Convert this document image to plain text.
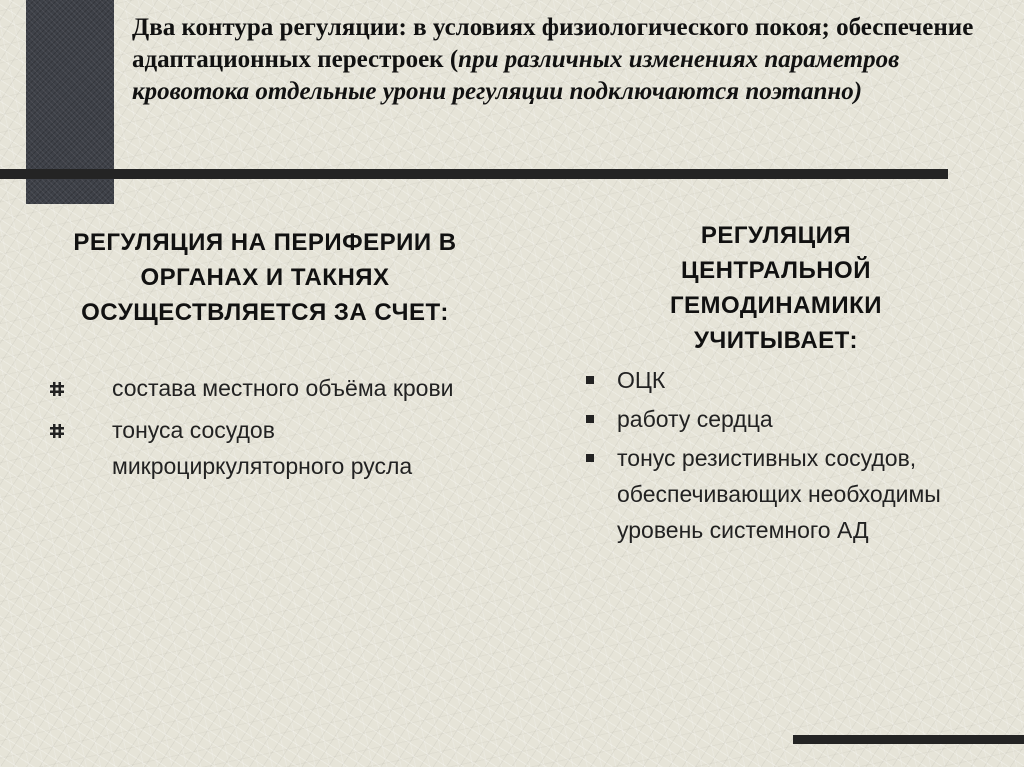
Два контура регуляции: в условиях физиологического покоя; обеспечение адаптационных перестроек (при различных изменениях параметров кровотока отдельные урони регуляции подключаются поэтапно)
РЕГУЛЯЦИЯ НА ПЕРИФЕРИИ В ОРГАНАХ И ТАКНЯХ ОСУЩЕСТВЛЯЕТСЯ ЗА СЧЕТ:
состава местного объёма крови
тонуса сосудов микроциркуляторного русла
РЕГУЛЯЦИЯ ЦЕНТРАЛЬНОЙ ГЕМОДИНАМИКИ УЧИТЫВАЕТ:
ОЦК
работу сердца
тонус резистивных сосудов, обеспечивающих необходимы уровень системного АД
